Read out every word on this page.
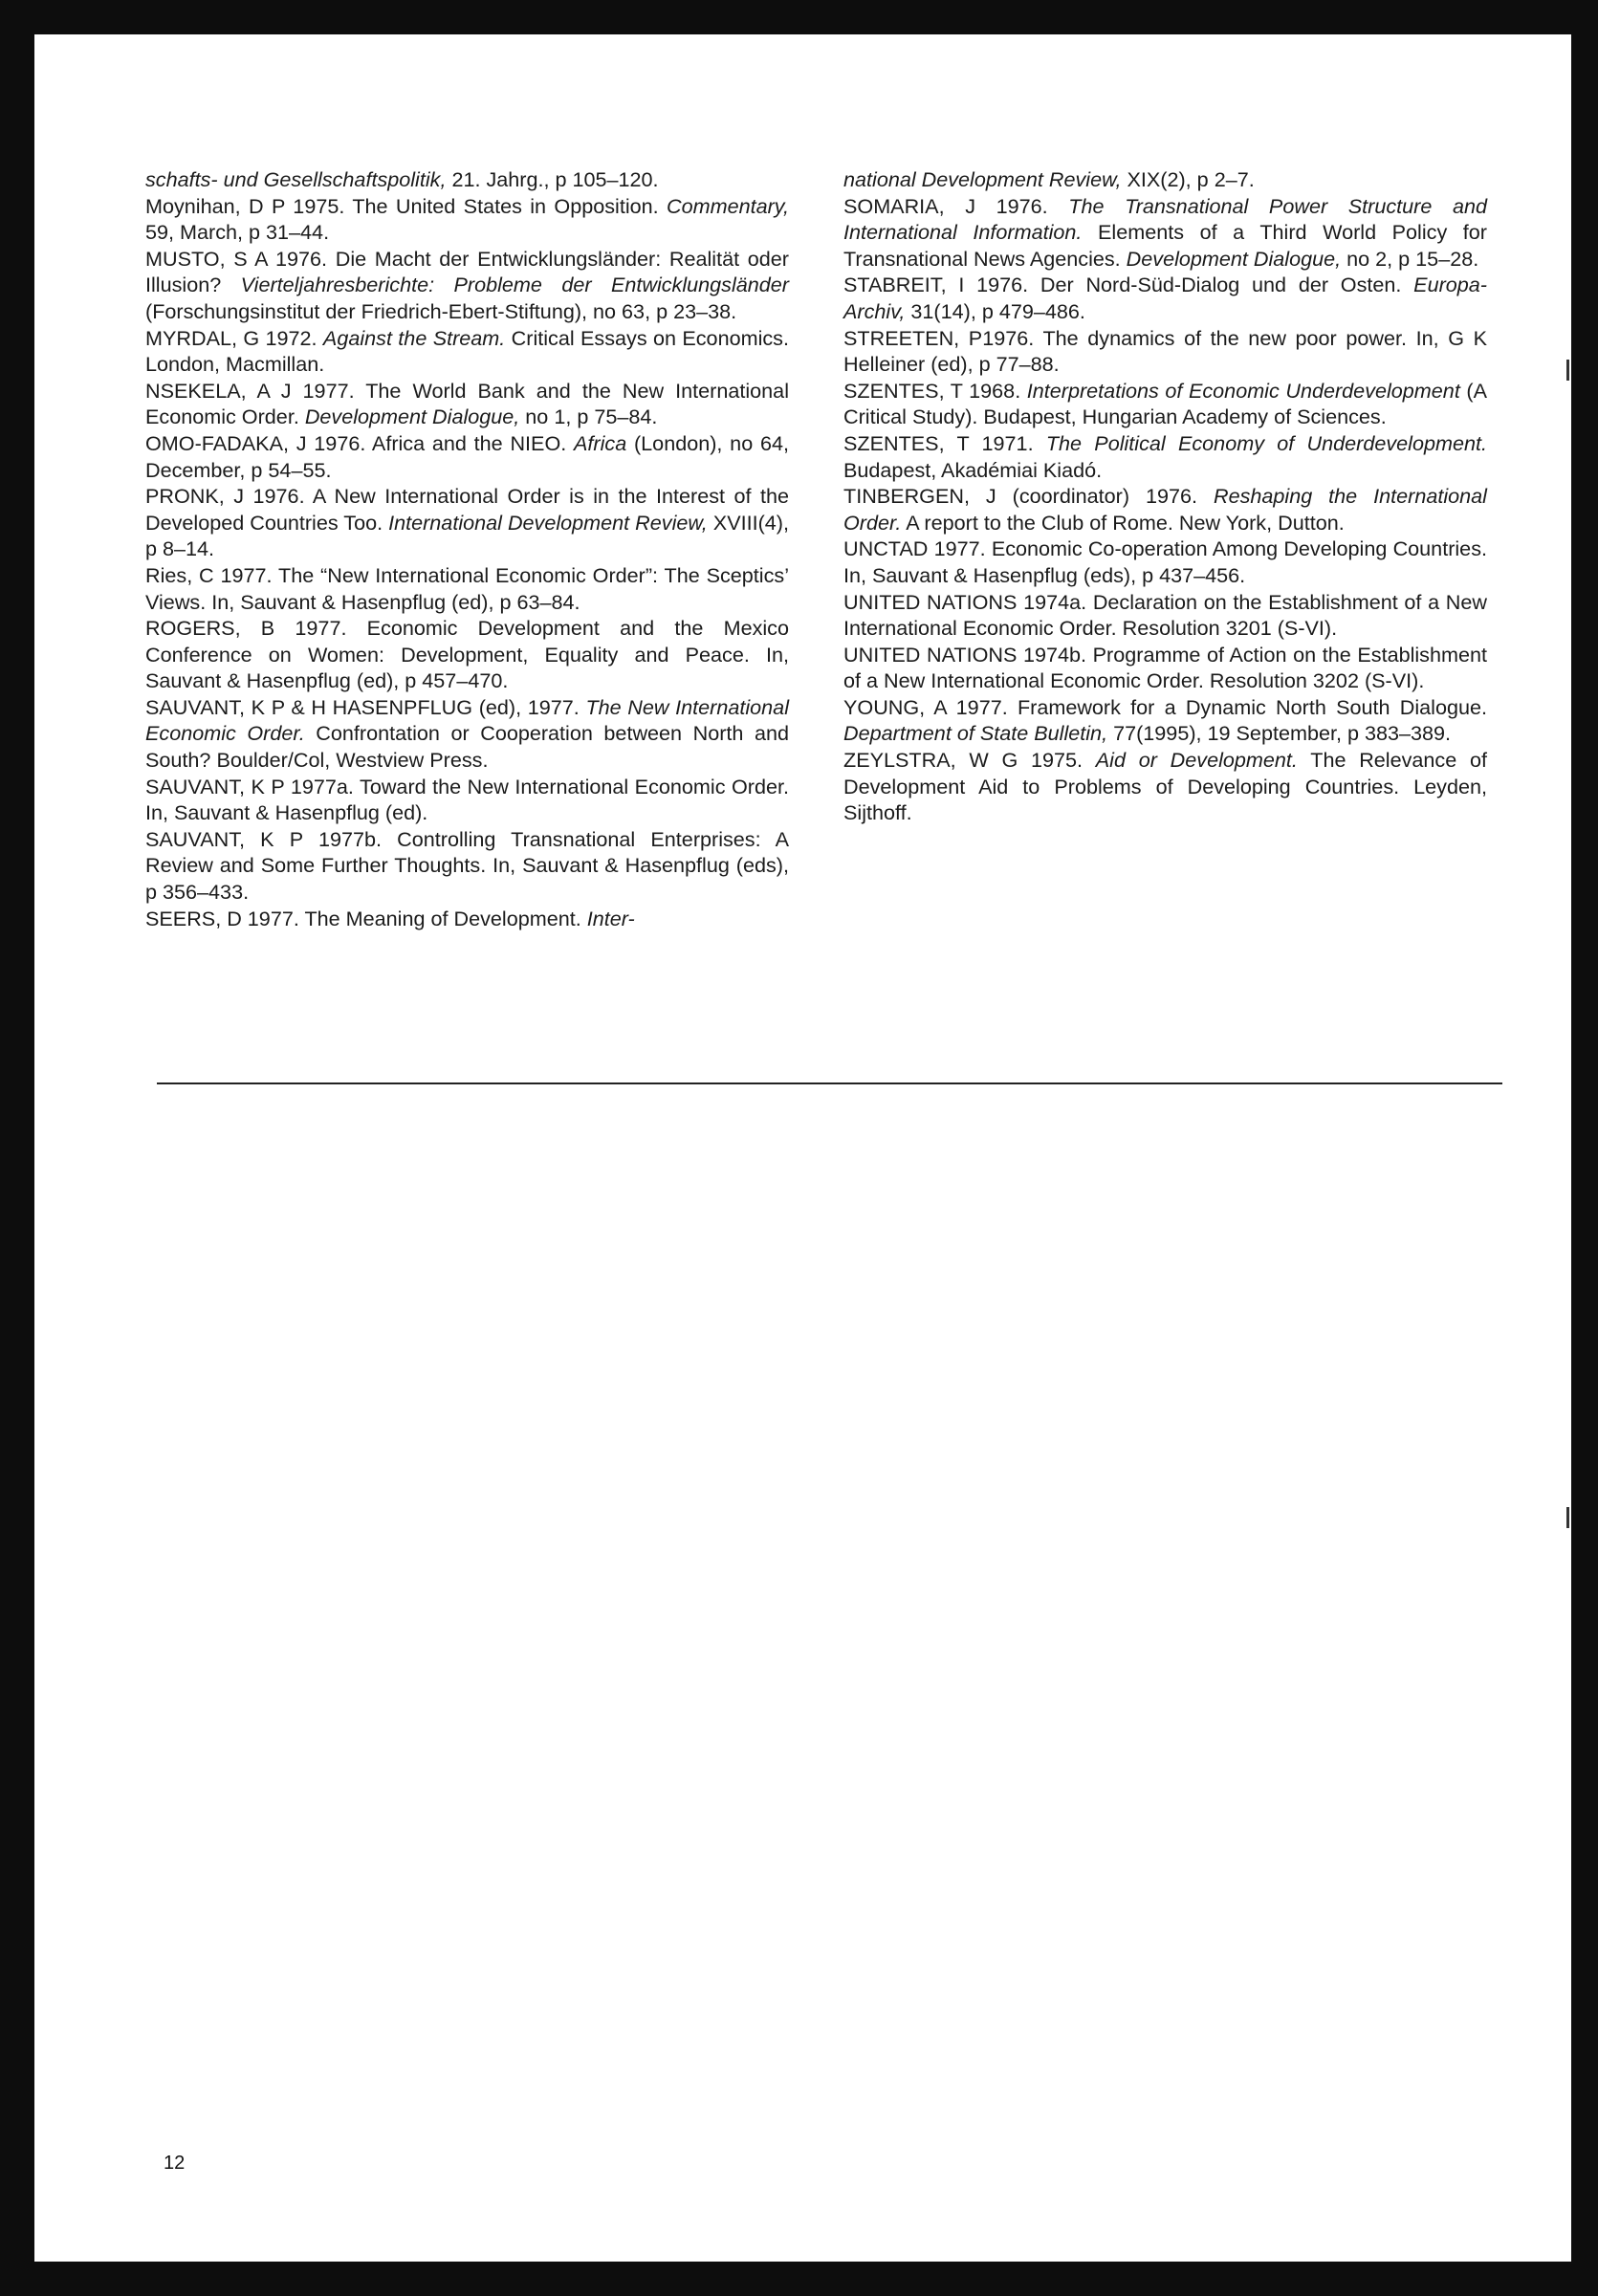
schafts- und Gesellschaftspolitik, 21. Jahrg., p 105–120.

Moynihan, D P 1975. The United States in Opposition. Commentary, 59, March, p 31–44.

MUSTO, S A 1976. Die Macht der Entwicklungsländer: Realität oder Illusion? Vierteljahresberichte: Probleme der Entwicklungsländer (Forschungsinstitut der Friedrich-Ebert-Stiftung), no 63, p 23–38.

MYRDAL, G 1972. Against the Stream. Critical Essays on Economics. London, Macmillan.

NSEKELA, A J 1977. The World Bank and the New International Economic Order. Development Dialogue, no 1, p 75–84.

OMO-FADAKA, J 1976. Africa and the NIEO. Africa (London), no 64, December, p 54–55.

PRONK, J 1976. A New International Order is in the Interest of the Developed Countries Too. International Development Review, XVIII(4), p 8–14.

Ries, C 1977. The “New International Economic Order”: The Sceptics’ Views. In, Sauvant & Hasenpflug (ed), p 63–84.

ROGERS, B 1977. Economic Development and the Mexico Conference on Women: Development, Equality and Peace. In, Sauvant & Hasenpflug (ed), p 457–470.

SAUVANT, K P & H HASENPFLUG (ed), 1977. The New International Economic Order. Confrontation or Cooperation between North and South? Boulder/Col, Westview Press.

SAUVANT, K P 1977a. Toward the New International Economic Order. In, Sauvant & Hasenpflug (ed).

SAUVANT, K P 1977b. Controlling Transnational Enterprises: A Review and Some Further Thoughts. In, Sauvant & Hasenpflug (eds), p 356–433.

SEERS, D 1977. The Meaning of Development. Inter-

national Development Review, XIX(2), p 2–7.

SOMARIA, J 1976. The Transnational Power Structure and International Information. Elements of a Third World Policy for Transnational News Agencies. Development Dialogue, no 2, p 15–28.

STABREIT, I 1976. Der Nord-Süd-Dialog und der Osten. Europa-Archiv, 31(14), p 479–486.

STREETEN, P1976. The dynamics of the new poor power. In, G K Helleiner (ed), p 77–88.

SZENTES, T 1968. Interpretations of Economic Underdevelopment (A Critical Study). Budapest, Hungarian Academy of Sciences.

SZENTES, T 1971. The Political Economy of Underdevelopment. Budapest, Akadémiai Kiadó.

TINBERGEN, J (coordinator) 1976. Reshaping the International Order. A report to the Club of Rome. New York, Dutton.

UNCTAD 1977. Economic Co-operation Among Developing Countries. In, Sauvant & Hasenpflug (eds), p 437–456.

UNITED NATIONS 1974a. Declaration on the Establishment of a New International Economic Order. Resolution 3201 (S-VI).

UNITED NATIONS 1974b. Programme of Action on the Establishment of a New International Economic Order. Resolution 3202 (S-VI).

YOUNG, A 1977. Framework for a Dynamic North South Dialogue. Department of State Bulletin, 77(1995), 19 September, p 383–389.

ZEYLSTRA, W G 1975. Aid or Development. The Relevance of Development Aid to Problems of Developing Countries. Leyden, Sijthoff.

12
